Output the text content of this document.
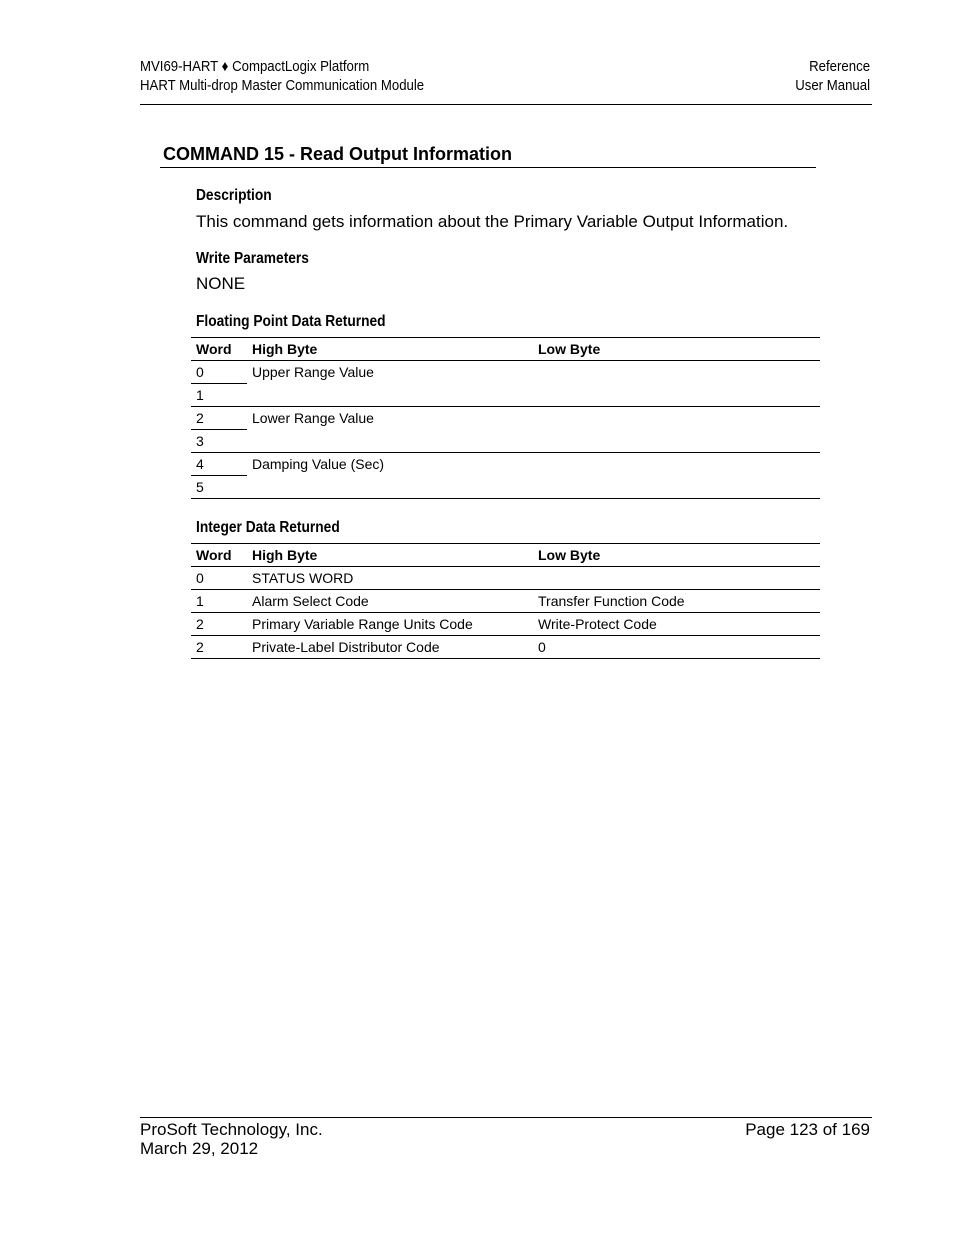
MVI69-HART ♦ CompactLogix Platform
HART Multi-drop Master Communication Module
Reference
User Manual
COMMAND 15 - Read Output Information
Description
This command gets information about the Primary Variable Output Information.
Write Parameters
NONE
Floating Point Data Returned
Word	High Byte	Low Byte
0	Upper Range Value	
1		
2	Lower Range Value	
3		
4	Damping Value (Sec)	
5		
Integer Data Returned
Word	High Byte	Low Byte
0	STATUS WORD	
1	Alarm Select Code	Transfer Function Code
2	Primary Variable Range Units Code	Write-Protect Code
2	Private-Label Distributor Code	0
ProSoft Technology, Inc.
March 29, 2012
Page 123 of 169
